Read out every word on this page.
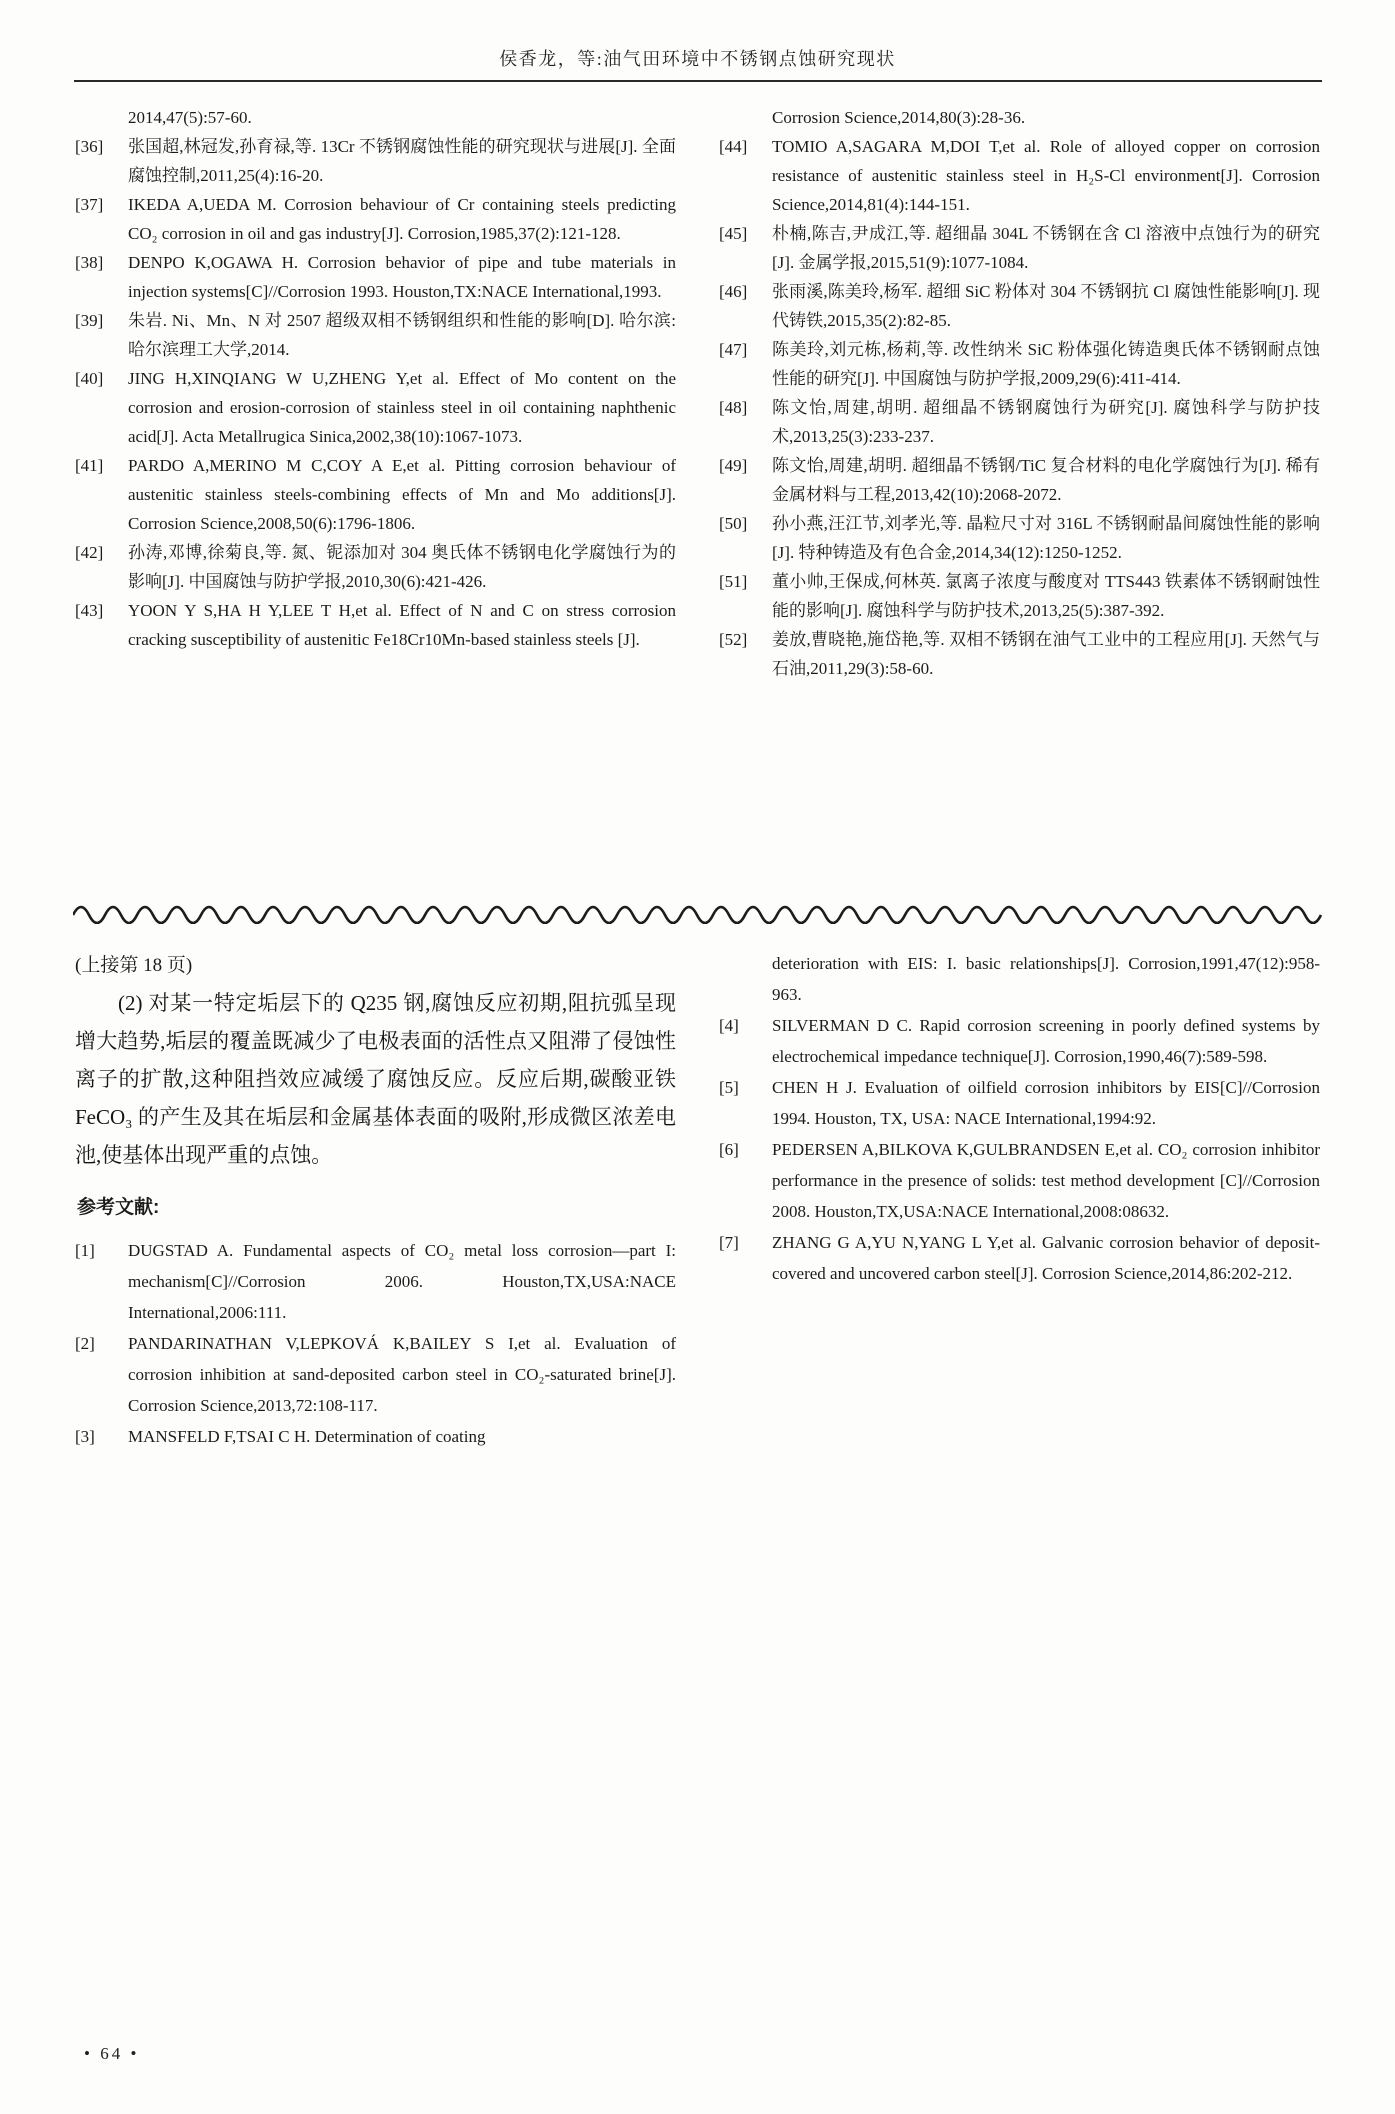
侯香龙，等:油气田环境中不锈钢点蚀研究现状
2014,47(5):57-60.
[36] 张国超,林冠发,孙育禄,等. 13Cr 不锈钢腐蚀性能的研究现状与进展[J]. 全面腐蚀控制,2011,25(4):16-20.
[37] IKEDA A,UEDA M. Corrosion behaviour of Cr containing steels predicting CO₂ corrosion in oil and gas industry[J]. Corrosion,1985,37(2):121-128.
[38] DENPO K,OGAWA H. Corrosion behavior of pipe and tube materials in injection systems[C]//Corrosion 1993. Houston,TX:NACE International,1993.
[39] 朱岩. Ni、Mn、N 对 2507 超级双相不锈钢组织和性能的影响[D]. 哈尔滨:哈尔滨理工大学,2014.
[40] JING H,XINQIANG W U,ZHENG Y,et al. Effect of Mo content on the corrosion and erosion-corrosion of stainless steel in oil containing naphthenic acid[J]. Acta Metallrugica Sinica,2002,38(10):1067-1073.
[41] PARDO A,MERINO M C,COY A E,et al. Pitting corrosion behaviour of austenitic stainless steels-combining effects of Mn and Mo additions[J]. Corrosion Science,2008,50(6):1796-1806.
[42] 孙涛,邓博,徐菊良,等. 氮、铌添加对 304 奥氏体不锈钢电化学腐蚀行为的影响[J]. 中国腐蚀与防护学报,2010,30(6):421-426.
[43] YOON Y S,HA H Y,LEE T H,et al. Effect of N and C on stress corrosion cracking susceptibility of austenitic Fe18Cr10Mn-based stainless steels [J].
Corrosion Science,2014,80(3):28-36.
[44] TOMIO A,SAGARA M,DOI T,et al. Role of alloyed copper on corrosion resistance of austenitic stainless steel in H₂S-Cl environment[J]. Corrosion Science,2014,81(4):144-151.
[45] 朴楠,陈吉,尹成江,等. 超细晶 304L 不锈钢在含 Cl 溶液中点蚀行为的研究[J]. 金属学报,2015,51(9):1077-1084.
[46] 张雨溪,陈美玲,杨军. 超细 SiC 粉体对 304 不锈钢抗 Cl 腐蚀性能影响[J]. 现代铸铁,2015,35(2):82-85.
[47] 陈美玲,刘元栋,杨莉,等. 改性纳米 SiC 粉体强化铸造奥氏体不锈钢耐点蚀性能的研究[J]. 中国腐蚀与防护学报,2009,29(6):411-414.
[48] 陈文怡,周建,胡明. 超细晶不锈钢腐蚀行为研究[J]. 腐蚀科学与防护技术,2013,25(3):233-237.
[49] 陈文怡,周建,胡明. 超细晶不锈钢/TiC 复合材料的电化学腐蚀行为[J]. 稀有金属材料与工程,2013,42(10):2068-2072.
[50] 孙小燕,汪江节,刘孝光,等. 晶粒尺寸对 316L 不锈钢耐晶间腐蚀性能的影响[J]. 特种铸造及有色合金,2014,34(12):1250-1252.
[51] 董小帅,王保成,何林英. 氯离子浓度与酸度对 TTS443 铁素体不锈钢耐蚀性能的影响[J]. 腐蚀科学与防护技术,2013,25(5):387-392.
[52] 姜放,曹晓艳,施岱艳,等. 双相不锈钢在油气工业中的工程应用[J]. 天然气与石油,2011,29(3):58-60.
(上接第 18 页)
(2) 对某一特定垢层下的 Q235 钢,腐蚀反应初期,阻抗弧呈现增大趋势,垢层的覆盖既减少了电极表面的活性点又阻滞了侵蚀性离子的扩散,这种阻挡效应减缓了腐蚀反应。反应后期,碳酸亚铁 FeCO₃ 的产生及其在垢层和金属基体表面的吸附,形成微区浓差电池,使基体出现严重的点蚀。
参考文献:
[1] DUGSTAD A. Fundamental aspects of CO₂ metal loss corrosion—part I: mechanism[C]//Corrosion 2006. Houston,TX,USA:NACE International,2006:111.
[2] PANDARINATHAN V,LEPKOVÁ K,BAILEY S I,et al. Evaluation of corrosion inhibition at sand-deposited carbon steel in CO₂-saturated brine[J]. Corrosion Science,2013,72:108-117.
[3] MANSFELD F,TSAI C H. Determination of coating
deterioration with EIS: I. basic relationships[J]. Corrosion,1991,47(12):958-963.
[4] SILVERMAN D C. Rapid corrosion screening in poorly defined systems by electrochemical impedance technique[J]. Corrosion,1990,46(7):589-598.
[5] CHEN H J. Evaluation of oilfield corrosion inhibitors by EIS[C]//Corrosion 1994. Houston, TX, USA: NACE International,1994:92.
[6] PEDERSEN A,BILKOVA K,GULBRANDSEN E,et al. CO₂ corrosion inhibitor performance in the presence of solids: test method development [C]//Corrosion 2008. Houston,TX,USA:NACE International,2008:08632.
[7] ZHANG G A,YU N,YANG L Y,et al. Galvanic corrosion behavior of deposit-covered and uncovered carbon steel[J]. Corrosion Science,2014,86:202-212.
• 64 •
